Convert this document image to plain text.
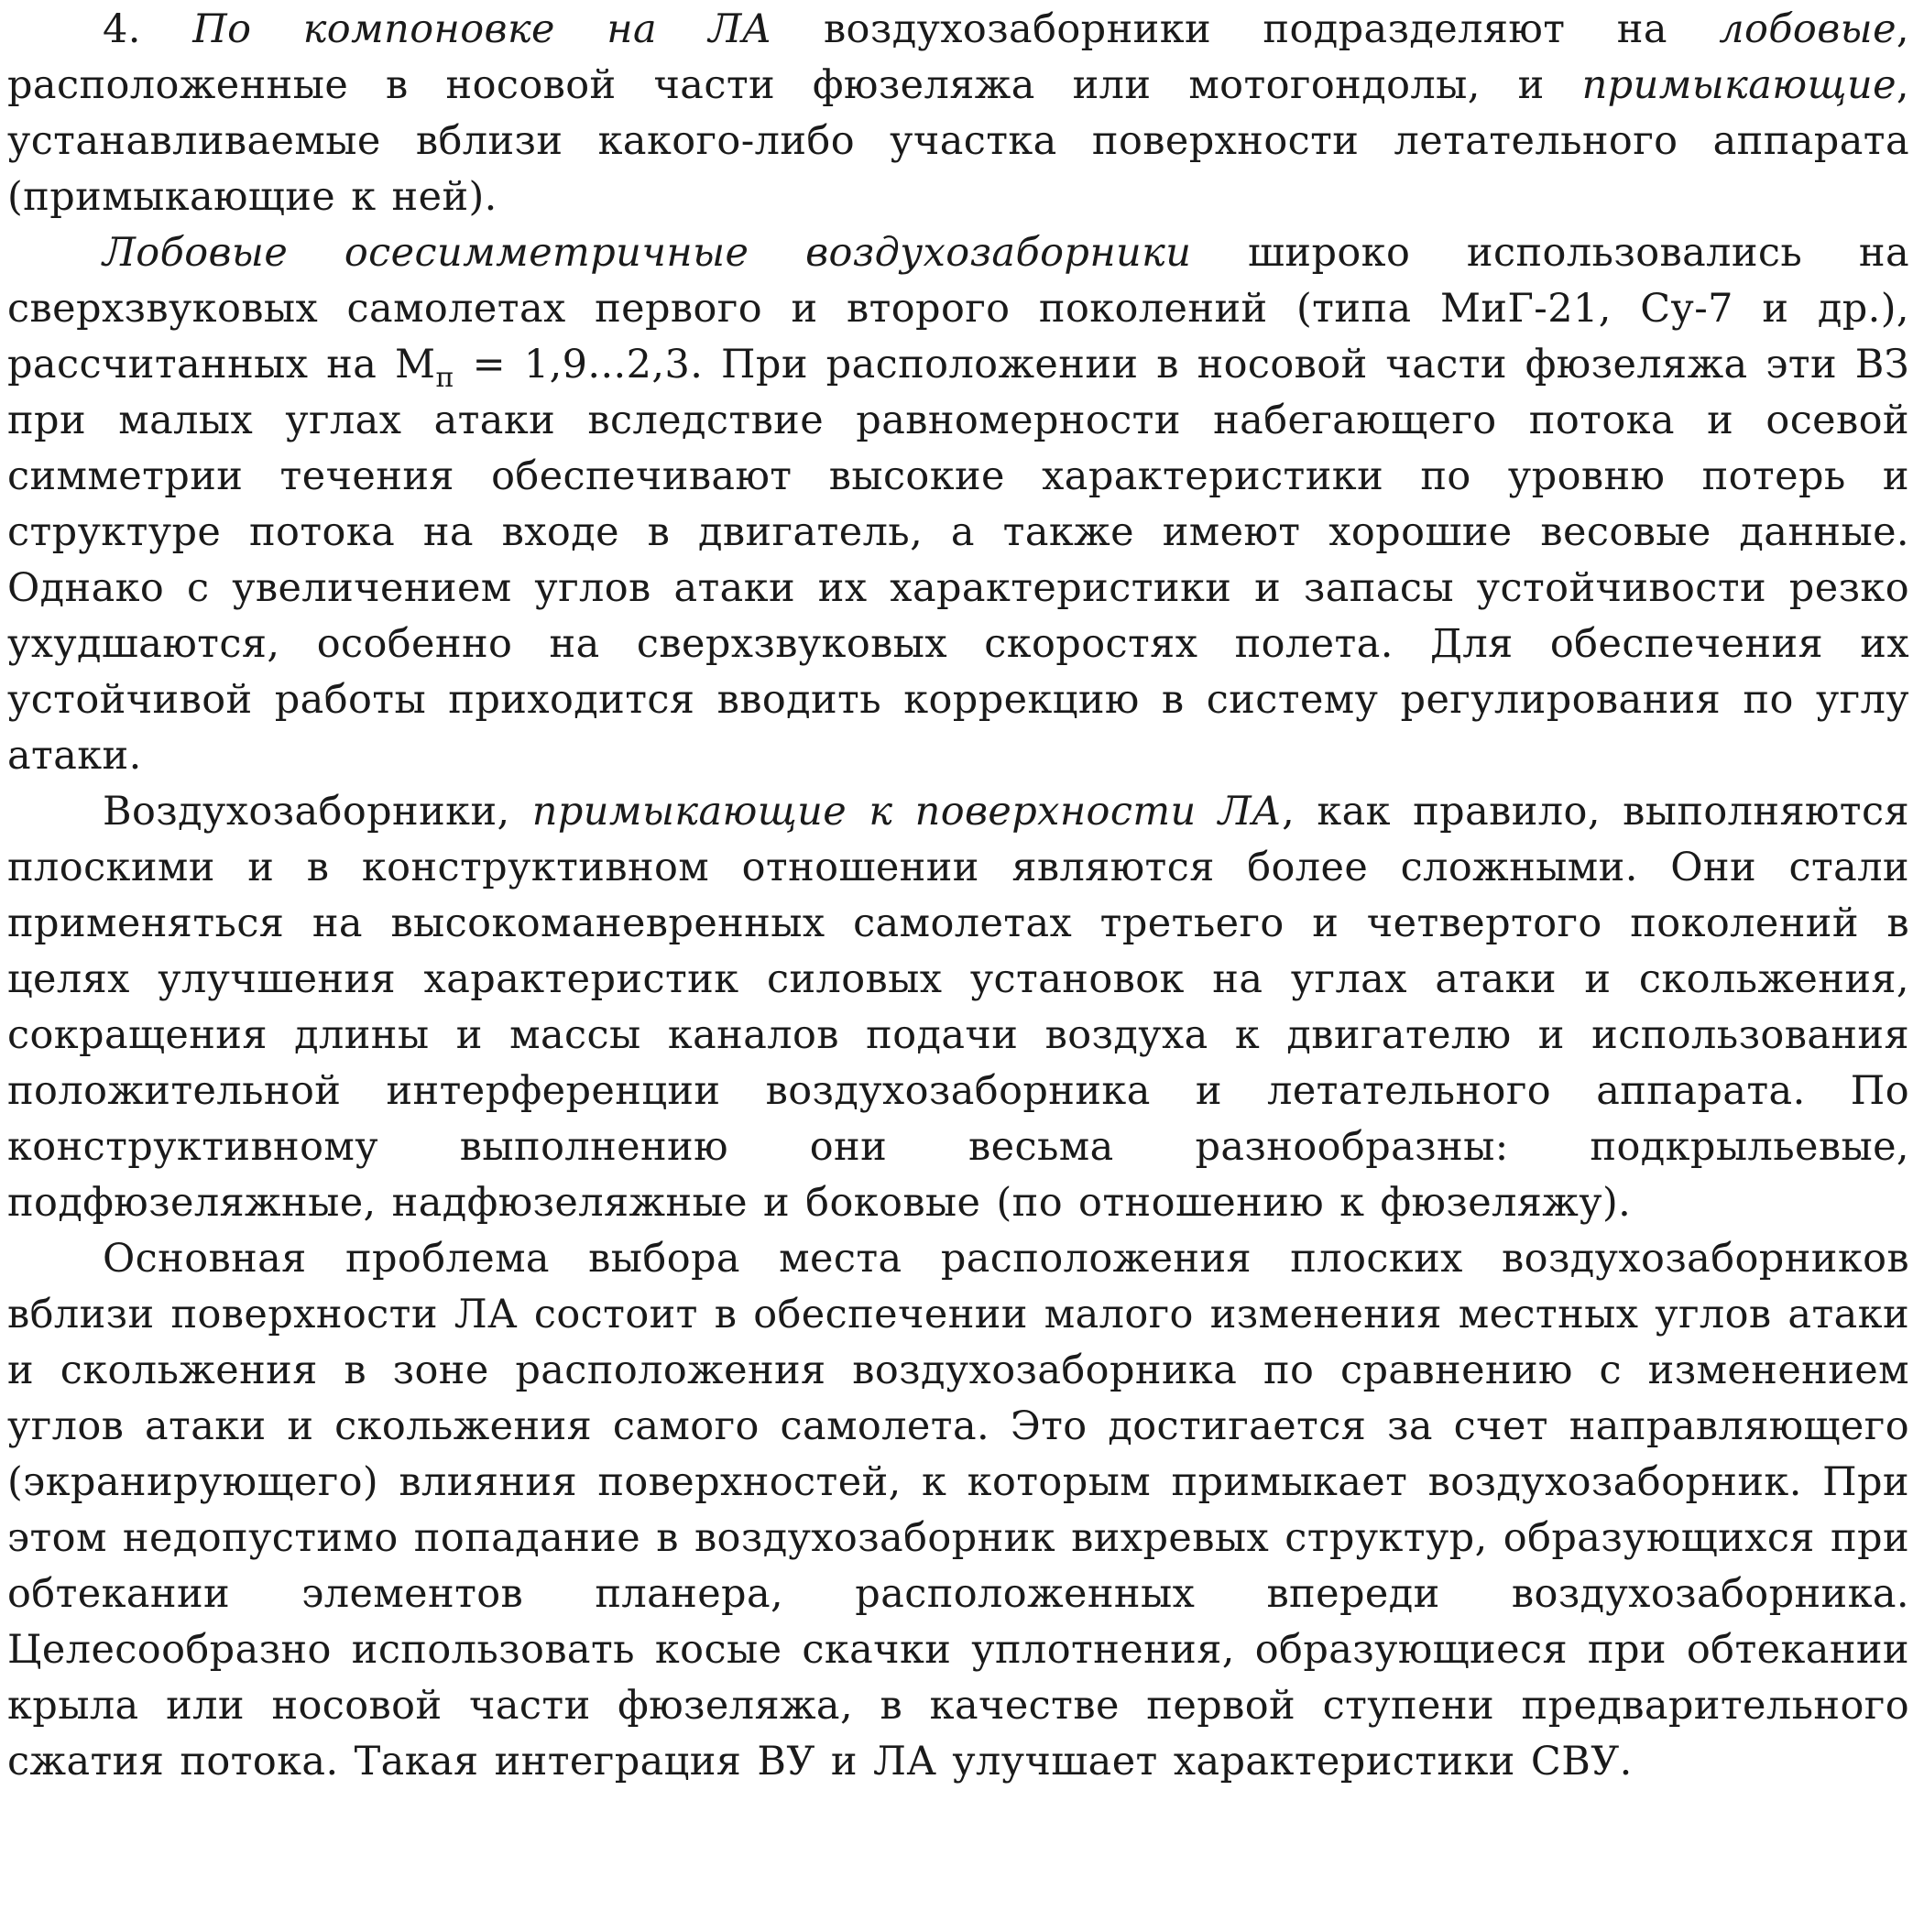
4. По компоновке на ЛА воздухозаборники подразделяют на лобовые, расположенные в носовой части фюзеляжа или мотогондолы, и примыкающие, устанавливаемые вблизи какого-либо участка поверхности летательного аппарата (примыкающие к ней).

Лобовые осесимметричные воздухозаборники широко использовались на сверхзвуковых самолетах первого и второго поколений (типа МиГ-21, Су-7 и др.), рассчитанных на $М_п = 1,9...2,3$. При расположении в носовой части фюзеляжа эти ВЗ при малых углах атаки вследствие равномерности набегающего потока и осевой симметрии течения обеспечивают высокие характеристики по уровню потерь и структуре потока на входе в двигатель, а также имеют хорошие весовые данные. Однако с увеличением углов атаки их характеристики и запасы устойчивости резко ухудшаются, особенно на сверхзвуковых скоростях полета. Для обеспечения их устойчивой работы приходится вводить коррекцию в систему регулирования по углу атаки.

Воздухозаборники, примыкающие к поверхности ЛА, как правило, выполняются плоскими и в конструктивном отношении являются более сложными. Они стали применяться на высокоманевренных самолетах третьего и четвертого поколений в целях улучшения характеристик силовых установок на углах атаки и скольжения, сокращения длины и массы каналов подачи воздуха к двигателю и использования положительной интерференции воздухозаборника и летательного аппарата. По конструктивному выполнению они весьма разнообразны: подкрыльевые, подфюзеляжные, надфюзеляжные и боковые (по отношению к фюзеляжу).

Основная проблема выбора места расположения плоских воздухозаборников вблизи поверхности ЛА состоит в обеспечении малого изменения местных углов атаки и скольжения в зоне расположения воздухозаборника по сравнению с изменением углов атаки и скольжения самого самолета. Это достигается за счет направляющего (экранирующего) влияния поверхностей, к которым примыкает воздухозаборник. При этом недопустимо попадание в воздухозаборник вихревых структур, образующихся при обтекании элементов планера, расположенных впереди воздухозаборника. Целесообразно использовать косые скачки уплотнения, образующиеся при обтекании крыла или носовой части фюзеляжа, в качестве первой ступени предварительного сжатия потока. Такая интеграция ВУ и ЛА улучшает характеристики СВУ.
